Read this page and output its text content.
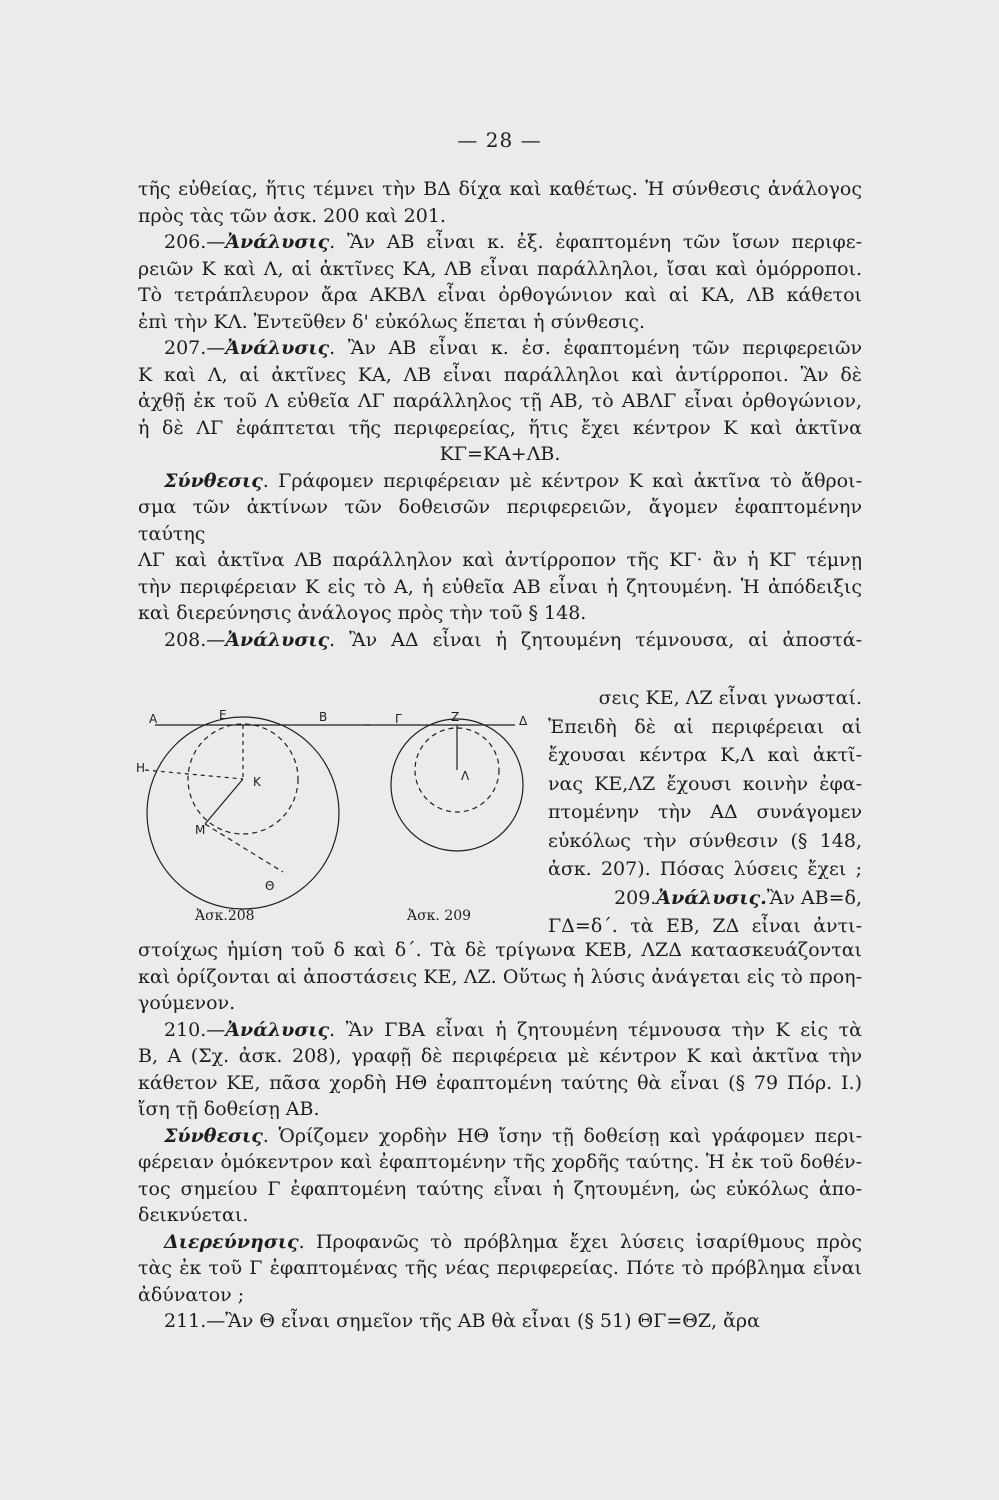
— 28 —

τῆς εὐθείας, ἥτις τέμνει τὴν ΒΔ δίχα καὶ καθέτως. Ἡ σύνθεσις ἀνάλογος

πρὸς τὰς τῶν ἀσκ. 200 καὶ 201.

206.—Ἀνάλυσις. Ἂν ΑΒ εἶναι κ. ἐξ. ἐφαπτομένη τῶν ἴσων περιφε-

ρειῶν Κ καὶ Λ, αἱ ἀκτῖνες ΚΑ, ΛΒ εἶναι παράλληλοι, ἴσαι καὶ ὁμόρροποι.

Τὸ τετράπλευρον ἄρα ΑΚΒΛ εἶναι ὀρθογώνιον καὶ αἱ ΚΑ, ΛΒ κάθετοι

ἐπὶ τὴν ΚΛ. Ἐντεῦθεν δ' εὐκόλως ἕπεται ἡ σύνθεσις.

207.—Ἀνάλυσις. Ἂν ΑΒ εἶναι κ. ἐσ. ἐφαπτομένη τῶν περιφερειῶν

Κ καὶ Λ, αἱ ἀκτῖνες ΚΑ, ΛΒ εἶναι παράλληλοι καὶ ἀντίρροποι. Ἂν δὲ

ἀχθῇ ἐκ τοῦ Λ εὐθεῖα ΛΓ παράλληλος τῇ ΑΒ, τὸ ΑΒΛΓ εἶναι ὀρθογώνιον,

ἡ δὲ ΛΓ ἐφάπτεται τῆς περιφερείας, ἥτις ἔχει κέντρον Κ καὶ ἀκτῖνα

ΚΓ=ΚΑ+ΛΒ.

Σύνθεσις. Γράφομεν περιφέρειαν μὲ κέντρον Κ καὶ ἀκτῖνα τὸ ἄθροι-

σμα τῶν ἀκτίνων τῶν δοθεισῶν περιφερειῶν, ἄγομεν ἐφαπτομένην ταύτης

ΛΓ καὶ ἀκτῖνα ΛΒ παράλληλον καὶ ἀντίρροπον τῆς ΚΓ· ἂν ἡ ΚΓ τέμνῃ

τὴν περιφέρειαν Κ εἰς τὸ Α, ἡ εὐθεῖα ΑΒ εἶναι ἡ ζητουμένη. Ἡ ἀπόδειξις

καὶ διερεύνησις ἀνάλογος πρὸς τὴν τοῦ § 148.

208.—Ἀνάλυσις. Ἂν ΑΔ εἶναι ἡ ζητουμένη τέμνουσα, αἱ ἀποστά-

σεις ΚΕ, ΛΖ εἶναι γνωσταί.

Ἐπειδὴ δὲ αἱ περιφέρειαι αἱ

ἔχουσαι κέντρα Κ,Λ καὶ ἀκτῖ-

νας ΚΕ,ΛΖ ἔχουσι κοινὴν ἐφα-

πτομένην τὴν ΑΔ συνάγομεν

εὐκόλως τὴν σύνθεσιν (§ 148,

ἀσκ. 207). Πόσας λύσεις ἔχει ;

209.Ἀνάλυσις.Ἂν ΑΒ=δ,

ΓΔ=δ΄. τὰ ΕΒ, ΖΔ εἶναι ἀντι-

Α	Ε	Β	Γ	Ζ	Δ
Η
Κ
Μ
Λ
Θ
Ἀσκ.208	Ἀσκ. 209

στοίχως ἡμίση τοῦ δ καὶ δ΄. Τὰ δὲ τρίγωνα ΚΕΒ, ΛΖΔ κατασκευάζονται

καὶ ὁρίζονται αἱ ἀποστάσεις ΚΕ, ΛΖ. Οὕτως ἡ λύσις ἀνάγεται εἰς τὸ προη-

γούμενον.

210.—Ἀνάλυσις. Ἂν ΓΒΑ εἶναι ἡ ζητουμένη τέμνουσα τὴν Κ εἰς τὰ

Β, Α (Σχ. ἀσκ. 208), γραφῇ δὲ περιφέρεια μὲ κέντρον Κ καὶ ἀκτῖνα τὴν

κάθετον ΚΕ, πᾶσα χορδὴ ΗΘ ἐφαπτομένη ταύτης θὰ εἶναι (§ 79 Πόρ. Ι.)

ἴση τῇ δοθείσῃ ΑΒ.

Σύνθεσις. Ὁρίζομεν χορδὴν ΗΘ ἴσην τῇ δοθείσῃ καὶ γράφομεν περι-

φέρειαν ὁμόκεντρον καὶ ἐφαπτομένην τῆς χορδῆς ταύτης. Ἡ ἐκ τοῦ δοθέν-

τος σημείου Γ ἐφαπτομένη ταύτης εἶναι ἡ ζητουμένη, ὡς εὐκόλως ἀπο-

δεικνύεται.

Διερεύνησις. Προφανῶς τὸ πρόβλημα ἔχει λύσεις ἰσαρίθμους πρὸς

τὰς ἐκ τοῦ Γ ἐφαπτομένας τῆς νέας περιφερείας. Πότε τὸ πρόβλημα εἶναι

ἀδύνατον ;

211.—Ἂν Θ εἶναι σημεῖον τῆς ΑΒ θὰ εἶναι (§ 51) ΘΓ=ΘΖ, ἄρα
